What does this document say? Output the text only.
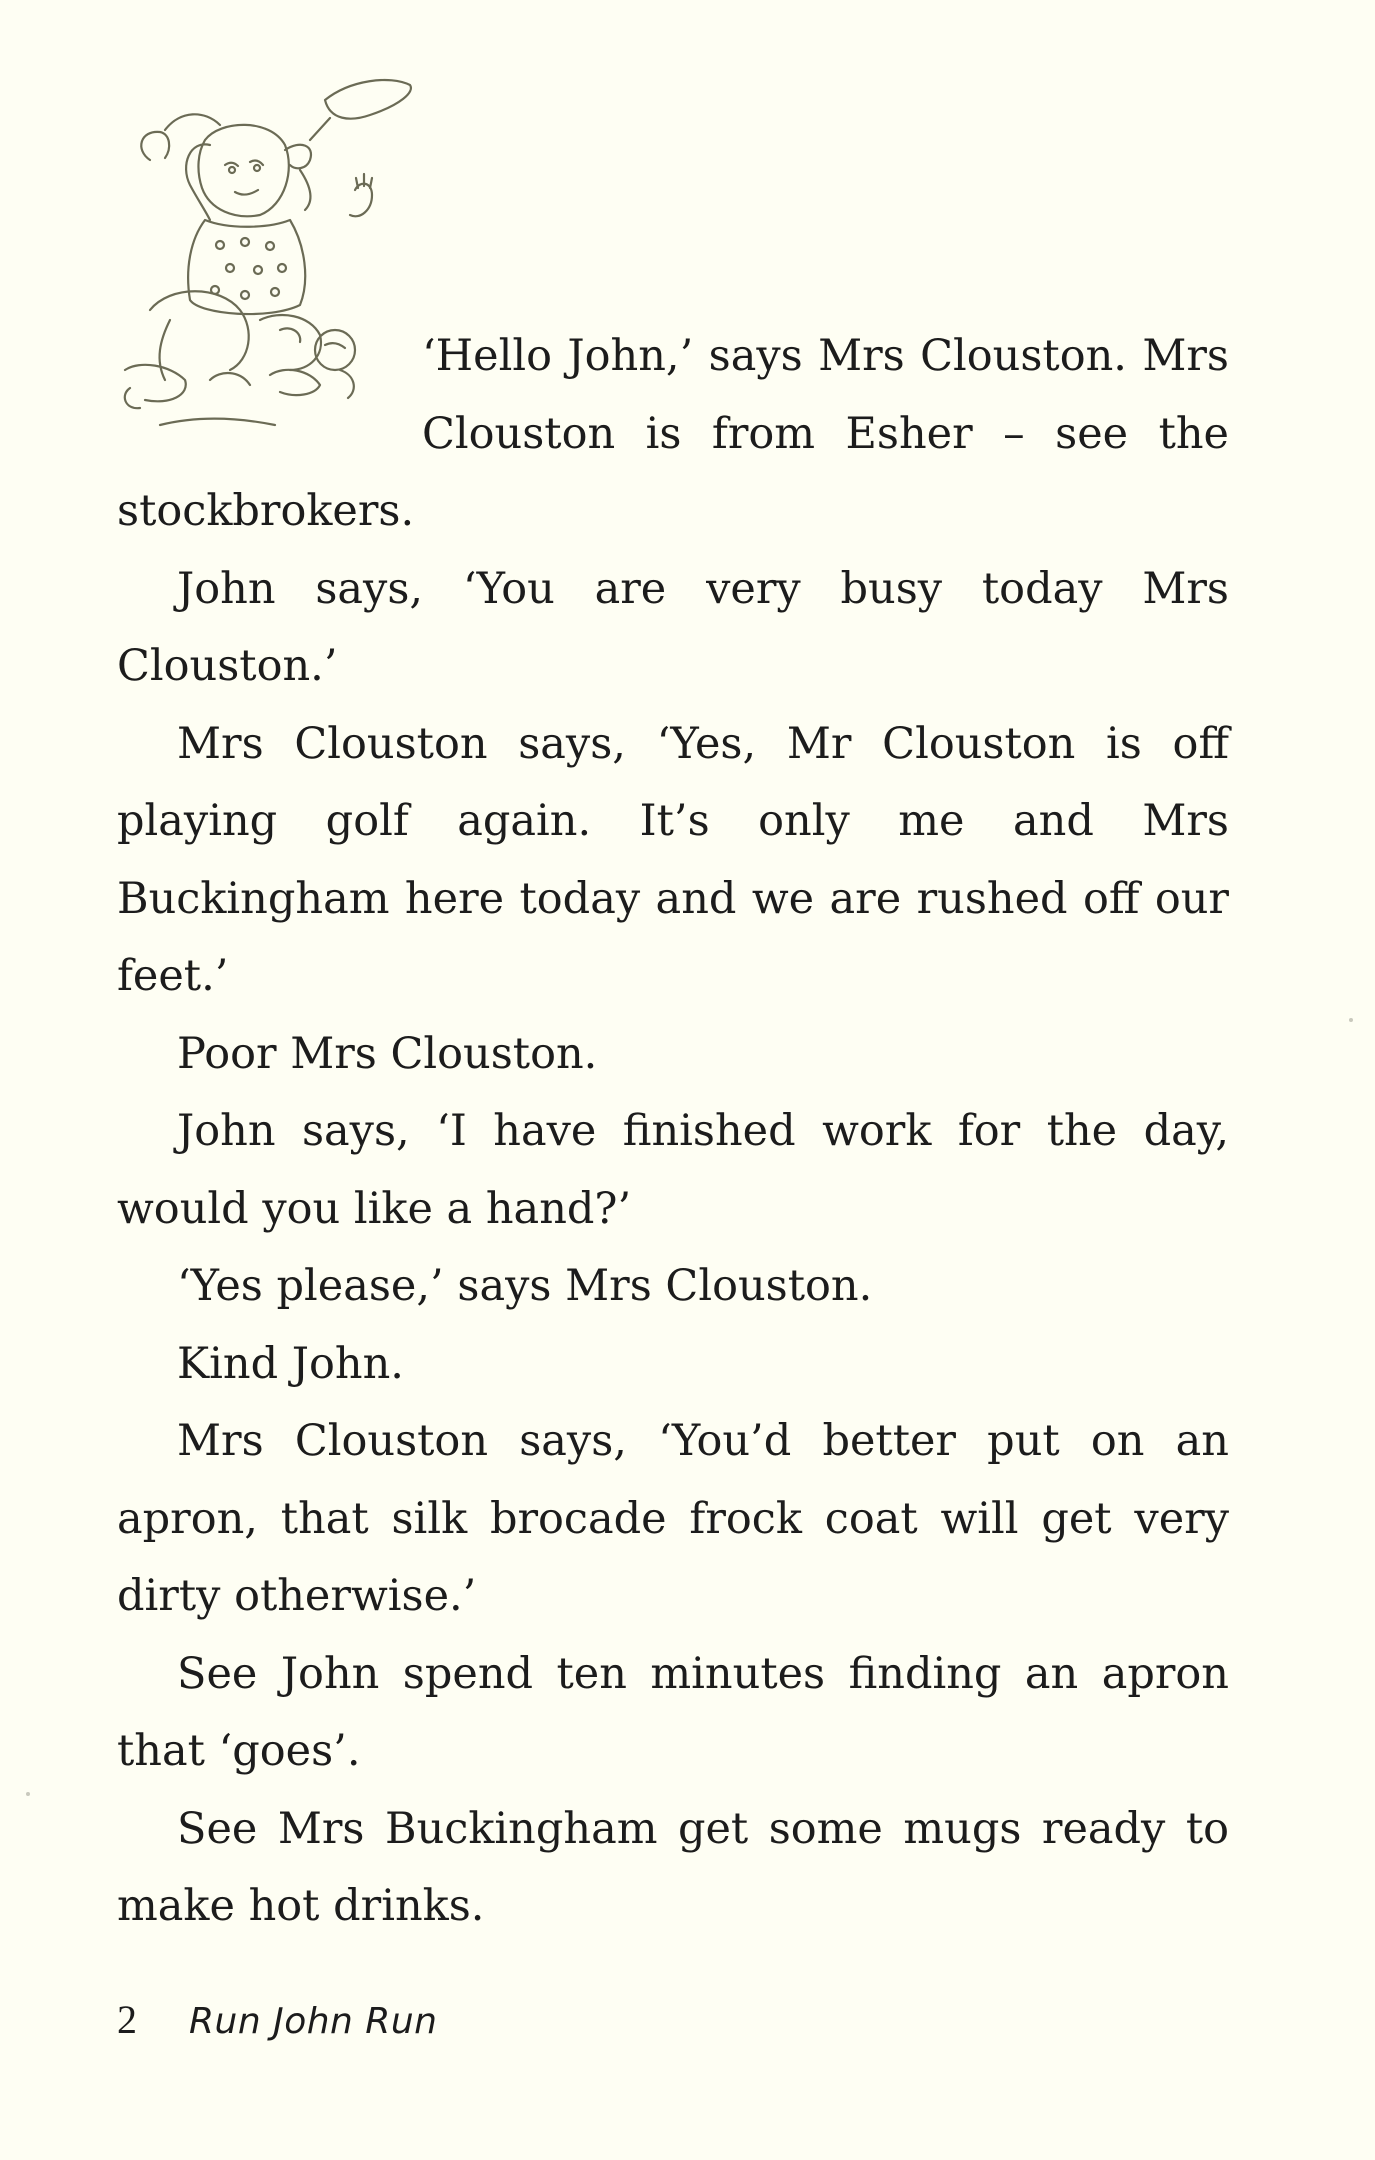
‘Hello John,’ says Mrs Clouston. Mrs Clouston is from Esher – see the stockbrokers.

John says, ‘You are very busy today Mrs Clouston.’

Mrs Clouston says, ‘Yes, Mr Clouston is off playing golf again. It’s only me and Mrs Buckingham here today and we are rushed off our feet.’

Poor Mrs Clouston.

John says, ‘I have finished work for the day, would you like a hand?’

‘Yes please,’ says Mrs Clouston.

Kind John.

Mrs Clouston says, ‘You’d better put on an apron, that silk brocade frock coat will get very dirty otherwise.’

See John spend ten minutes finding an apron that ‘goes’.

See Mrs Buckingham get some mugs ready to make hot drinks.

2 Run John Run
